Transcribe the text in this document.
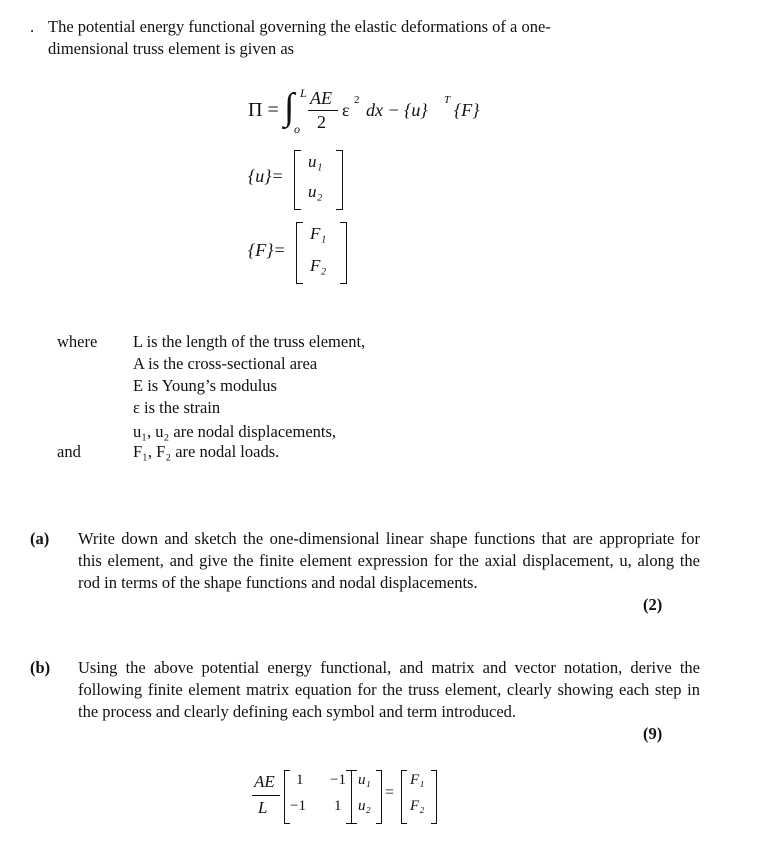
. The potential energy functional governing the elastic deformations of a one-
dimensional truss element is given as
Π = ∫ L
o
AE
2
ε 2 dx − {u} T {F}
{u}=
u₁
u₂
{F}=
F₁
F₂
where L is the length of the truss element,
A is the cross-sectional area
E is Young’s modulus
ε is the strain
u₁, u₂ are nodal displacements,
and	F₁, F₂ are nodal loads.
(a) Write down and sketch the one-dimensional linear shape functions that are appropriate for this element, and give the finite element expression for the axial displacement, u, along the rod in terms of the shape functions and nodal displacements.
(2)
(b) Using the above potential energy functional, and matrix and vector notation, derive the following finite element matrix equation for the truss element, clearly showing each step in the process and clearly defining each symbol and term introduced.
(9)
AE
L
1 −1
−1 1
u₁
u₂
=
F₁
F₂
